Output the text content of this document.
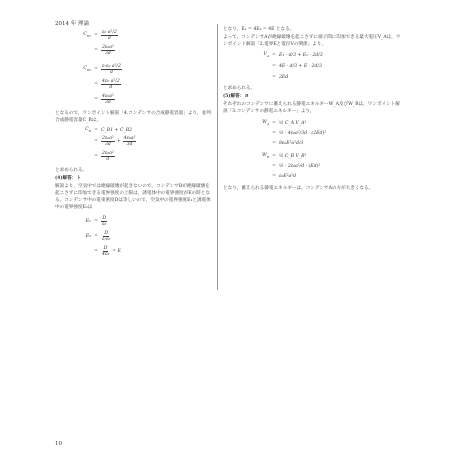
2014 年 理論
$C_{B1} = \frac{\text{ε₀ a²/2}}{d}$
= $\frac{\text{2ε₀a²}}{3d}$
$C_{B2} = \frac{\text{εᵣε₀ a²/2}}{d}$
= $\frac{\text{4ε₀ a²/2}}{d}$
= $\frac{\text{4ε₀a²}}{3d}$
となるので，ワンポイント解説「4.コンデンサの合成静電容量」より，並列合成静電容量C_Bは，
$C_B$ = C_B1 + C_B2
= $\frac{\text{2ε₀a²}}{3d} + \frac{\text{4ε₀a²}}{3d}$
= $\frac{\text{2ε₀a²}}{d}$
と求められる。
(4)解答：ト
解説より，空気中では絶縁破壊が起きないので，コンデンサBが絶縁破壊を起こさずに印加できる電界強度の上限は，誘電体中の電界強度がEの時となる。コンデンサ中の電束密度Dは等しいので，空気中の電界強度E₁と誘電体中の電界強度E₂は
$E_1 = \frac{D}{\text{ε₀}}$
$E_2 = \frac{D}{\text{εᵣε₀}}$
= $\frac{D}{\text{4ε₀}} = E$
となり，E₁ = 4E₂ = 4E となる。
よって，コンデンサAが絶縁破壊を起こさずに端子間に印加できる最大電圧V_Aは，ワンポイント解説「2.電界Eと電位Vの関係」より，
$V_A = E_1 \cdot d/3 + E_2 \cdot 2d/3$
= 4E · d/3 + E · 2d/3
= 2Ed
と求められる。
(5)解答：ヨ
それぞれのコンデンサに蓄えられる静電エネルギーW_A及びW_Bは，ワンポイント解説「3.コンデンサの静電エネルギー」より，
$W_A$ = ½ C_A V_A²
= ½ · 4ε₀a²/3d · (2Ed)²
= 8ε₀E²a²d/3
$W_B$ = ½ C_B V_B²
= ½ · 2ε₀a²/d · (Ed)²
= ε₀E²a²d
となり，蓄えられる静電エネルギーは，コンデンサAの方が大きくなる。
10
